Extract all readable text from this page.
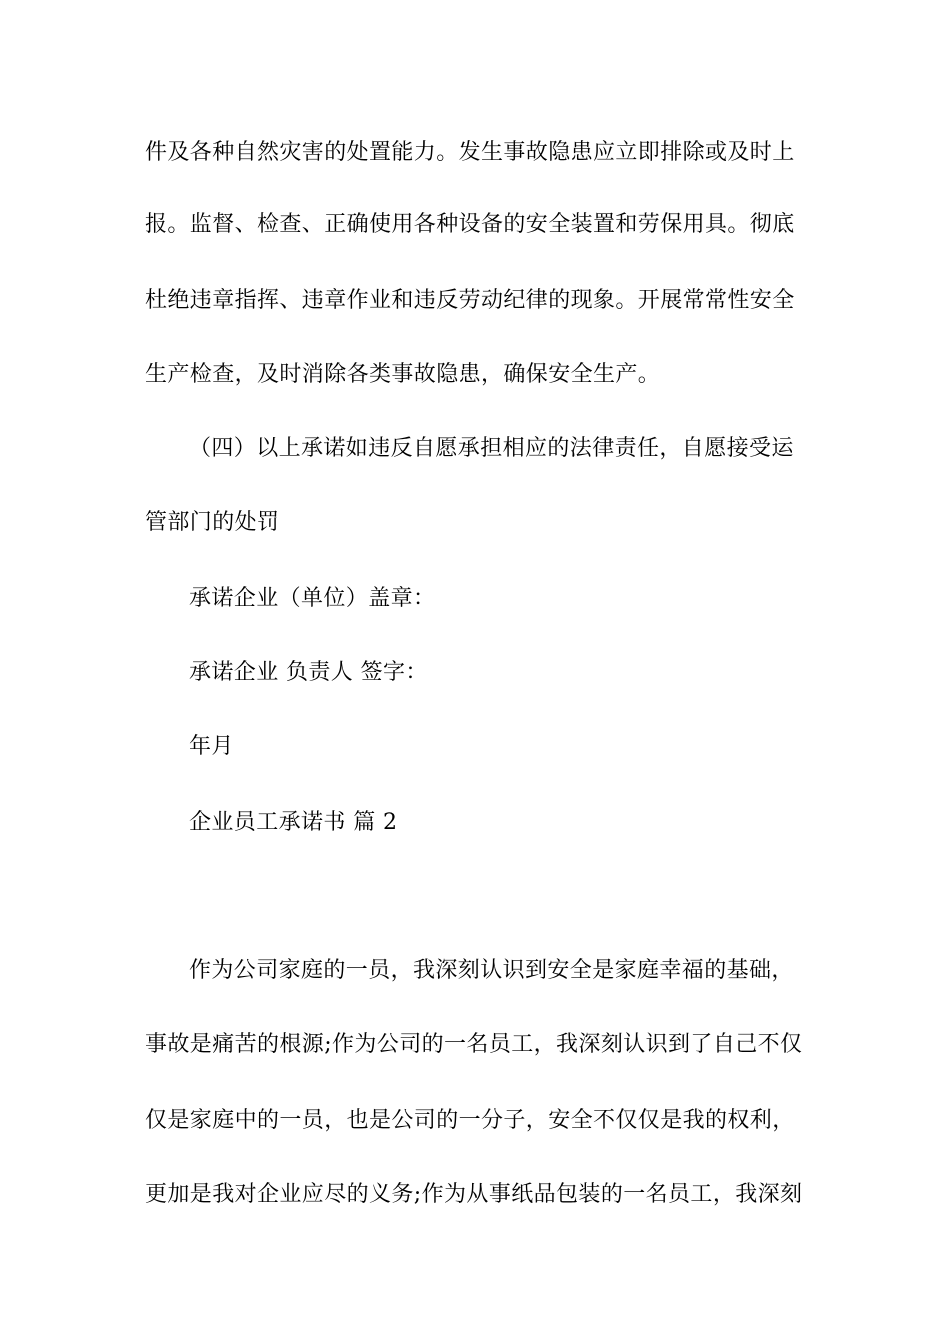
件及各种自然灾害的处置能力。发生事故隐患应立即排除或及时上
报。监督、检查、正确使用各种设备的安全装置和劳保用具。彻底
杜绝违章指挥、违章作业和违反劳动纪律的现象。开展常常性安全
生产检查，及时消除各类事故隐患，确保安全生产。
（四）以上承诺如违反自愿承担相应的法律责任，自愿接受运
管部门的处罚
承诺企业（单位）盖章：
承诺企业 负责人 签字：
年月
企业员工承诺书 篇 2
作为公司家庭的一员，我深刻认识到安全是家庭幸福的基础，
事故是痛苦的根源;作为公司的一名员工，我深刻认识到了自己不仅
仅是家庭中的一员，也是公司的一分子，安全不仅仅是我的权利，
更加是我对企业应尽的义务;作为从事纸品包装的一名员工，我深刻
